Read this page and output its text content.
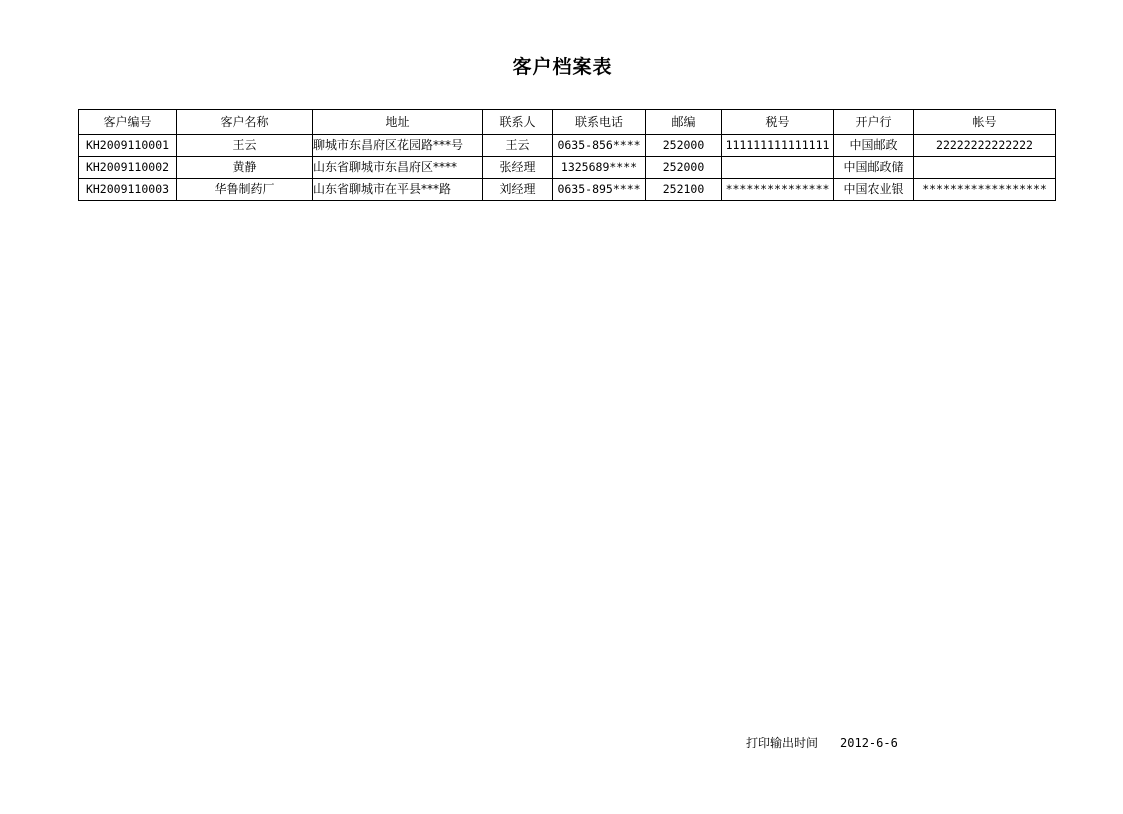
客户档案表
客户编号	客户名称	地址	联系人	联系电话	邮编	税号	开户行	帐号
KH2009110001	王云	聊城市东昌府区花园路***号	王云	0635-856****	252000	111111111111111	中国邮政	22222222222222
KH2009110002	黄静	山东省聊城市东昌府区****	张经理	1325689****	252000		中国邮政储	
KH2009110003	华鲁制药厂	山东省聊城市在平县***路	刘经理	0635-895****	252100	***************	中国农业银	******************
打印输出时间 2012-6-6
